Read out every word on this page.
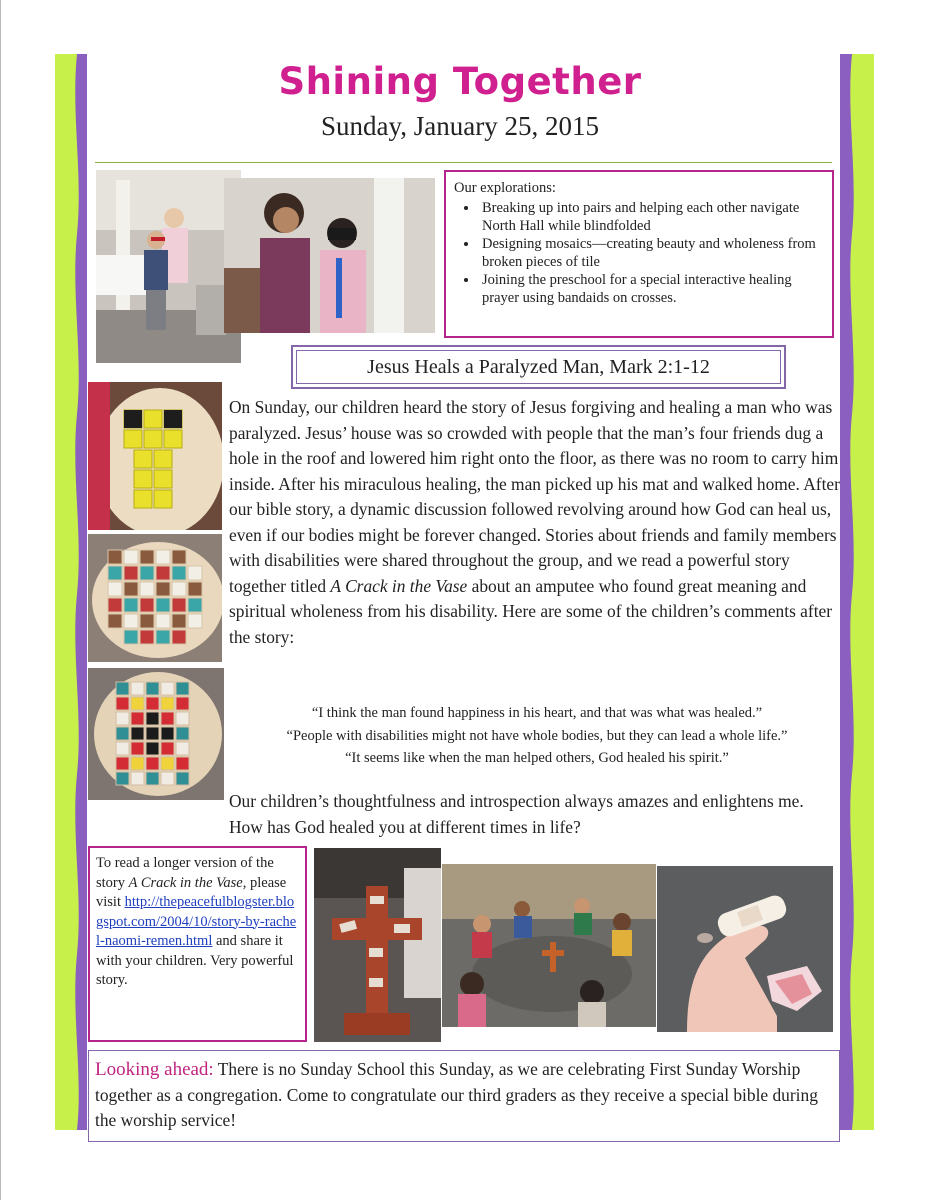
Shining Together
Sunday, January 25, 2015
Our explorations:
• Breaking up into pairs and helping each other navigate North Hall while blindfolded
• Designing mosaics—creating beauty and wholeness from broken pieces of tile
• Joining the preschool for a special interactive healing prayer using bandaids on crosses.
Jesus Heals a Paralyzed Man, Mark 2:1-12

On Sunday, our children heard the story of Jesus forgiving and healing a man who was paralyzed. Jesus’ house was so crowded with people that the man’s four friends dug a hole in the roof and lowered him right onto the floor, as there was no room to carry him inside. After his miraculous healing, the man picked up his mat and walked home. After our bible story, a dynamic discussion followed revolving around how God can heal us, even if our bodies might be forever changed. Stories about friends and family members with disabilities were shared throughout the group, and we read a powerful story together titled A Crack in the Vase about an amputee who found great meaning and spiritual wholeness from his disability. Here are some of the children’s comments after the story:

“I think the man found happiness in his heart, and that was what was healed.”
“People with disabilities might not have whole bodies, but they can lead a whole life.”
“It seems like when the man helped others, God healed his spirit.”

Our children’s thoughtfulness and introspection always amazes and enlightens me. How has God healed you at different times in life?

To read a longer version of the story A Crack in the Vase, please visit http://thepeacefulblogster.blogspot.com/2004/10/story-by-rachel-naomi-remen.html and share it with your children. Very powerful story.
Looking ahead: There is no Sunday School this Sunday, as we are celebrating First Sunday Worship together as a congregation. Come to congratulate our third graders as they receive a special bible during the worship service!
